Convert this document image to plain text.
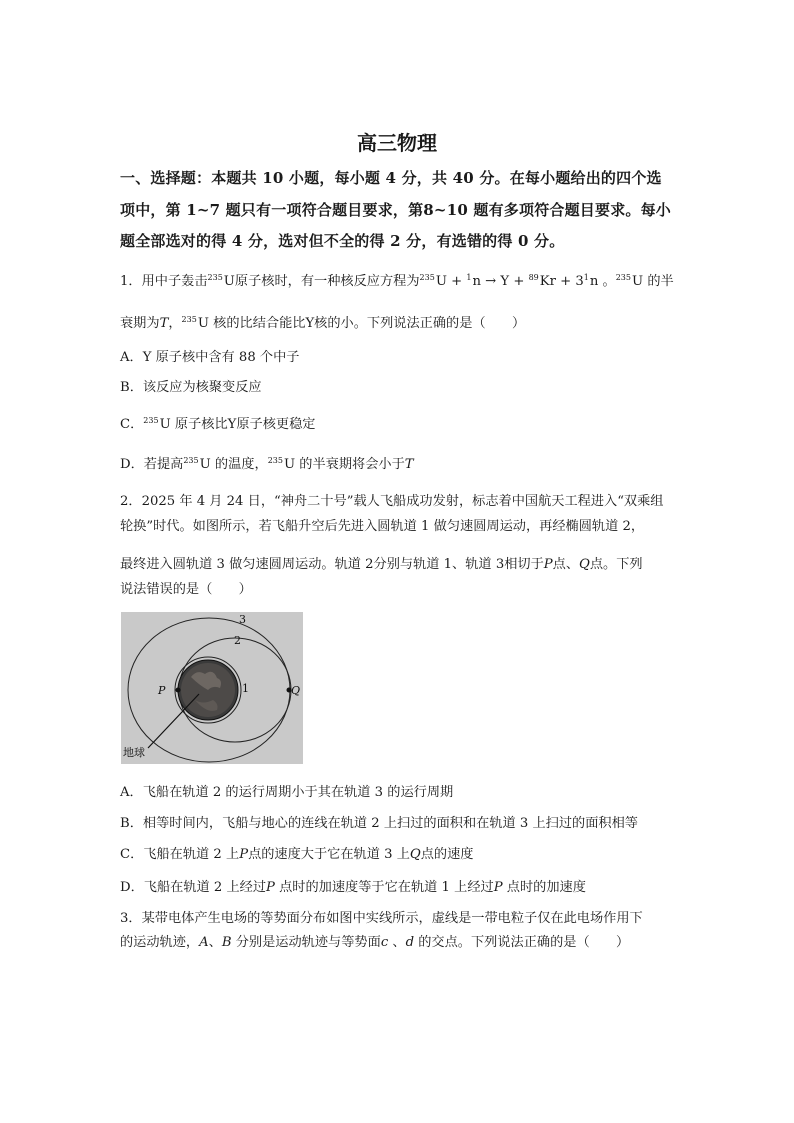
高三物理
一、选择题：本题共 10 小题，每小题 4 分，共 40 分。在每小题给出的四个选
项中，第 1~7 题只有一项符合题目要求，第8~10 题有多项符合题目要求。每小
题全部选对的得 4 分，选对但不全的得 2 分，有选错的得 0 分。
1．用中子轰击$^{235}$U原子核时，有一种核反应方程为$^{235}U + ^1n \to Y + ^{89}Kr + 3^1n$ 。$^{235}$U 的半
衰期为T，$^{235}$U 核的比结合能比Y核的小。下列说法正确的是（　　）
A．Y 原子核中含有 88 个中子
B．该反应为核聚变反应
C．$^{235}$U 原子核比Y原子核更稳定
D．若提高$^{235}$U 的温度，$^{235}$U 的半衰期将会小于T
2．2025 年 4 月 24 日，“神舟二十号”载人飞船成功发射，标志着中国航天工程进入“双乘组
轮换”时代。如图所示，若飞船升空后先进入圆轨道 1 做匀速圆周运动，再经椭圆轨道 2，
最终进入圆轨道 3 做匀速圆周运动。轨道 2分别与轨道 1、轨道 3相切于P点、Q点。下列
说法错误的是（　　）
3
2
1
P	Q
地球
A．飞船在轨道 2 的运行周期小于其在轨道 3 的运行周期
B．相等时间内，飞船与地心的连线在轨道 2 上扫过的面积和在轨道 3 上扫过的面积相等
C．飞船在轨道 2 上P点的速度大于它在轨道 3 上Q点的速度
D．飞船在轨道 2 上经过P 点时的加速度等于它在轨道 1 上经过P 点时的加速度
3．某带电体产生电场的等势面分布如图中实线所示，虚线是一带电粒子仅在此电场作用下
的运动轨迹，A、B 分别是运动轨迹与等势面c 、d 的交点。下列说法正确的是（　　）
